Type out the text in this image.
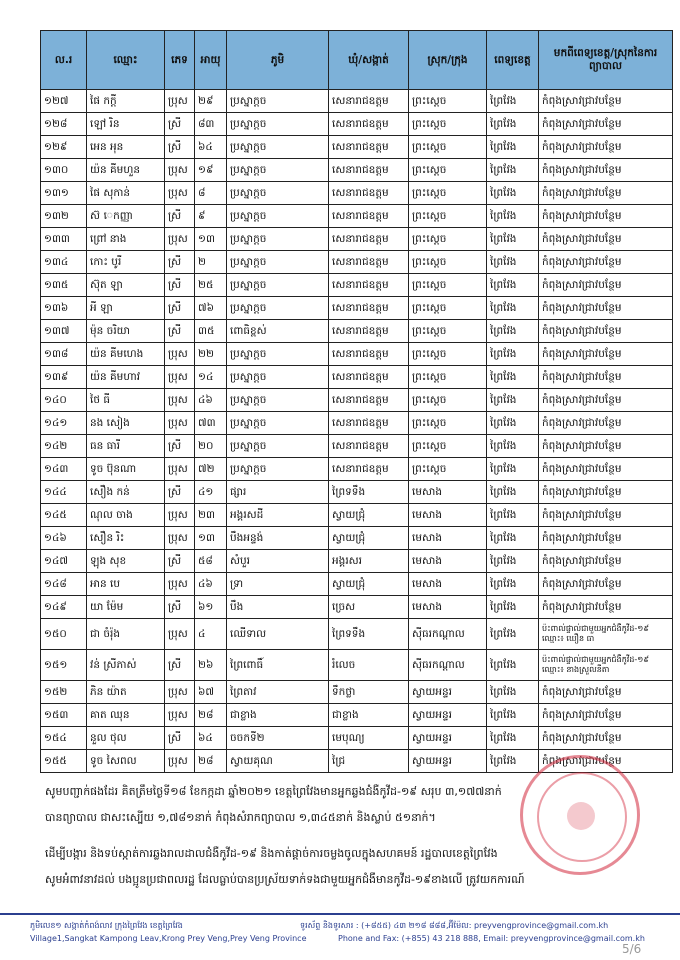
ល.រ	ឈ្មោះ	ភេទ	អាយុ	ភូមិ	ឃុំ/សង្កាត់	ស្រុក/ក្រុង	ពេទ្យខេត្ត	មកពីពេទ្យខេត្ត/ស្រុកនៃការព្យាបាល
១២៧	ផៃ កក្តី	ប្រុស	២៩	ប្រស្នាក្ដច	សេនារាជឧត្ដម	ព្រះស្ដេច	ព្រៃវែង	កំពុងស្រាវជ្រាវបន្ថែម
១២៨	ឡៅ រិន	ស្រី	៨៣	ប្រស្នាក្ដច	សេនារាជឧត្ដម	ព្រះស្ដេច	ព្រៃវែង	កំពុងស្រាវជ្រាវបន្ថែម
១២៩	អេន អុន	ស្រី	៦៤	ប្រស្នាក្ដច	សេនារាជឧត្ដម	ព្រះស្ដេច	ព្រៃវែង	កំពុងស្រាវជ្រាវបន្ថែម
១៣០	យ៉ន គីមហួន	ប្រុស	១៩	ប្រស្នាក្ដច	សេនារាជឧត្ដម	ព្រះស្ដេច	ព្រៃវែង	កំពុងស្រាវជ្រាវបន្ថែម
១៣១	ផៃ សុកាន់	ប្រុស	៨	ប្រស្នាក្ដច	សេនារាជឧត្ដម	ព្រះស្ដេច	ព្រៃវែង	កំពុងស្រាវជ្រាវបន្ថែម
១៣២	ស៊ េកញ្ញា	ស្រី	៩	ប្រស្នាក្ដច	សេនារាជឧត្ដម	ព្រះស្ដេច	ព្រៃវែង	កំពុងស្រាវជ្រាវបន្ថែម
១៣៣	ព្រៅ នាង	ប្រុស	១៣	ប្រស្នាក្ដច	សេនារាជឧត្ដម	ព្រះស្ដេច	ព្រៃវែង	កំពុងស្រាវជ្រាវបន្ថែម
១៣៤	កោះ បូរី	ស្រី	២	ប្រស្នាក្ដច	សេនារាជឧត្ដម	ព្រះស្ដេច	ព្រៃវែង	កំពុងស្រាវជ្រាវបន្ថែម
១៣៥	ស៊ុត ឡា	ស្រី	២៥	ប្រស្នាក្ដច	សេនារាជឧត្ដម	ព្រះស្ដេច	ព្រៃវែង	កំពុងស្រាវជ្រាវបន្ថែម
១៣៦	អី ឡា	ស្រី	៧៦	ប្រស្នាក្ដច	សេនារាជឧត្ដម	ព្រះស្ដេច	ព្រៃវែង	កំពុងស្រាវជ្រាវបន្ថែម
១៣៧	ម៉ុន ចរិយា	ស្រី	៣៥	ពោធិខ្ពស់	សេនារាជឧត្ដម	ព្រះស្ដេច	ព្រៃវែង	កំពុងស្រាវជ្រាវបន្ថែម
១៣៨	យ៉ន គីមហេង	ប្រុស	២២	ប្រស្នាក្ដច	សេនារាជឧត្ដម	ព្រះស្ដេច	ព្រៃវែង	កំពុងស្រាវជ្រាវបន្ថែម
១៣៩	យ៉ន គីមហាវ	ប្រុស	១៤	ប្រស្នាក្ដច	សេនារាជឧត្ដម	ព្រះស្ដេច	ព្រៃវែង	កំពុងស្រាវជ្រាវបន្ថែម
១៤០	ថៃ ធី	ប្រុស	៤៦	ប្រស្នាក្ដច	សេនារាជឧត្ដម	ព្រះស្ដេច	ព្រៃវែង	កំពុងស្រាវជ្រាវបន្ថែម
១៤១	នង សៀង	ប្រុស	៧៣	ប្រស្នាក្ដច	សេនារាជឧត្ដម	ព្រះស្ដេច	ព្រៃវែង	កំពុងស្រាវជ្រាវបន្ថែម
១៤២	ធន ធារី	ស្រី	២០	ប្រស្នាក្ដច	សេនារាជឧត្ដម	ព្រះស្ដេច	ព្រៃវែង	កំពុងស្រាវជ្រាវបន្ថែម
១៤៣	ទូច ប៊ុនណា	ប្រុស	៧២	ប្រស្នាក្ដច	សេនារាជឧត្ដម	ព្រះស្ដេច	ព្រៃវែង	កំពុងស្រាវជ្រាវបន្ថែម
១៤៤	សឿង កន់	ស្រី	៤១	ផ្សារ	ព្រៃទទឹង	មេសាង	ព្រៃវែង	កំពុងស្រាវជ្រាវបន្ថែម
១៤៥	ណុល ចាង	ប្រុស	២៣	អង្គរសដី	ស្វាយជ្រុំ	មេសាង	ព្រៃវែង	កំពុងស្រាវជ្រាវបន្ថែម
១៤៦	សឿន រិះ	ប្រុស	១៣	បឹងអន្ទង់	ស្វាយជ្រុំ	មេសាង	ព្រៃវែង	កំពុងស្រាវជ្រាវបន្ថែម
១៤៧	ឡុង សុខ	ស្រី	៥៨	សំបួរ	អង្គរសរ	មេសាង	ព្រៃវែង	កំពុងស្រាវជ្រាវបន្ថែម
១៤៨	អាន បេ	ប្រុស	៤៦	ទ្រា	ស្វាយជ្រុំ	មេសាង	ព្រៃវែង	កំពុងស្រាវជ្រាវបន្ថែម
១៤៩	យា ម៉ែម	ស្រី	៦១	បឹង	ច្រេស	មេសាង	ព្រៃវែង	កំពុងស្រាវជ្រាវបន្ថែម
១៥០	ជា ចំរ៉ុង	ប្រុស	៤	ឈើទាល	ព្រៃទទឹង	ស៊ីធរកណ្ដាល	ព្រៃវែង	ប៉ះពាល់ផ្ទាល់ជាមួយអ្នកជំងឺកូវីដ-១៩ ឈ្មោះ៖ ឃឿន ធា
១៥១	វន់ ស្រីភាស់	ស្រី	២៦	ព្រៃពោធិ៍	រំលេច	ស៊ីធរកណ្ដាល	ព្រៃវែង	ប៉ះពាល់ផ្ទាល់ជាមួយអ្នកជំងឺកូវីដ-១៩ ឈ្មោះ៖ នាងស្រួលនីតា
១៥២	ភិន យ៉ាត	ប្រុស	៦៧	ព្រៃតាវ	ទឹកថ្លា	ស្វាយអន្ទរ	ព្រៃវែង	កំពុងស្រាវជ្រាវបន្ថែម
១៥៣	គាត ឈុន	ប្រុស	២៨	ជាខ្លាង	ជាខ្លាង	ស្វាយអន្ទរ	ព្រៃវែង	កំពុងស្រាវជ្រាវបន្ថែម
១៥៤	នួល ថុល	ស្រី	៦៤	ចចកទី២	មេបុណ្យ	ស្វាយអន្ទរ	ព្រៃវែង	កំពុងស្រាវជ្រាវបន្ថែម
១៥៥	ទូច សៃពល	ប្រុស	២៨	ស្វាយគុណ	ជ្រៃ	ស្វាយអន្ទរ	ព្រៃវែង	កំពុងស្រាវជ្រាវបន្ថែម
សូមបញ្ជាក់ផងដែរ គិតត្រឹមថ្ងៃទី១៨ ខែកក្កដា ឆ្នាំ២០២១ ខេត្តព្រៃវែងមានអ្នកឆ្លងជំងឺកូវីដ-១៩ សរុប ៣,១៧៧នាក់
បានព្យាបាល ជាសះស្បើយ ១,៧៨១នាក់ កំពុងសំរាកព្យាបាល ១,៣៤៥នាក់ និងស្លាប់ ៥១នាក់។
ដើម្បីបង្ការ និងទប់ស្កាត់ការឆ្លងរាលដាលជំងឺកូវីដ-១៩ និងកាត់ផ្ដាច់ការចម្លងចូលក្នុងសហគមន៍ រដ្ឋបាលខេត្តព្រៃវែង
សូមអំពាវនាវដល់ បងប្អូនប្រជាពលរដ្ឋ ដែលធ្លាប់បានប្រស្រ័យទាក់ទងជាមួយអ្នកជំងឺមានកូវីដ-១៩ខាងលើ ត្រូវយកការណ៍
ភូមិលេខ១ សង្កាត់កំពង់លាវ ក្រុងព្រៃវែង ខេត្តព្រៃវែង
Village1,Sangkat Kampong Leav,Krong Prey Veng,Prey Veng Province
ទូរស័ព្ទ និងទូរសារ : (+៨៥៥) ៤៣ ២១៨ ៨៨៨,អ៊ីម៉ែល: preyvengprovince@gmail.com.kh
Phone and Fax: (+855) 43 218 888, Email: preyvengprovince@gmail.com.kh
5/6
